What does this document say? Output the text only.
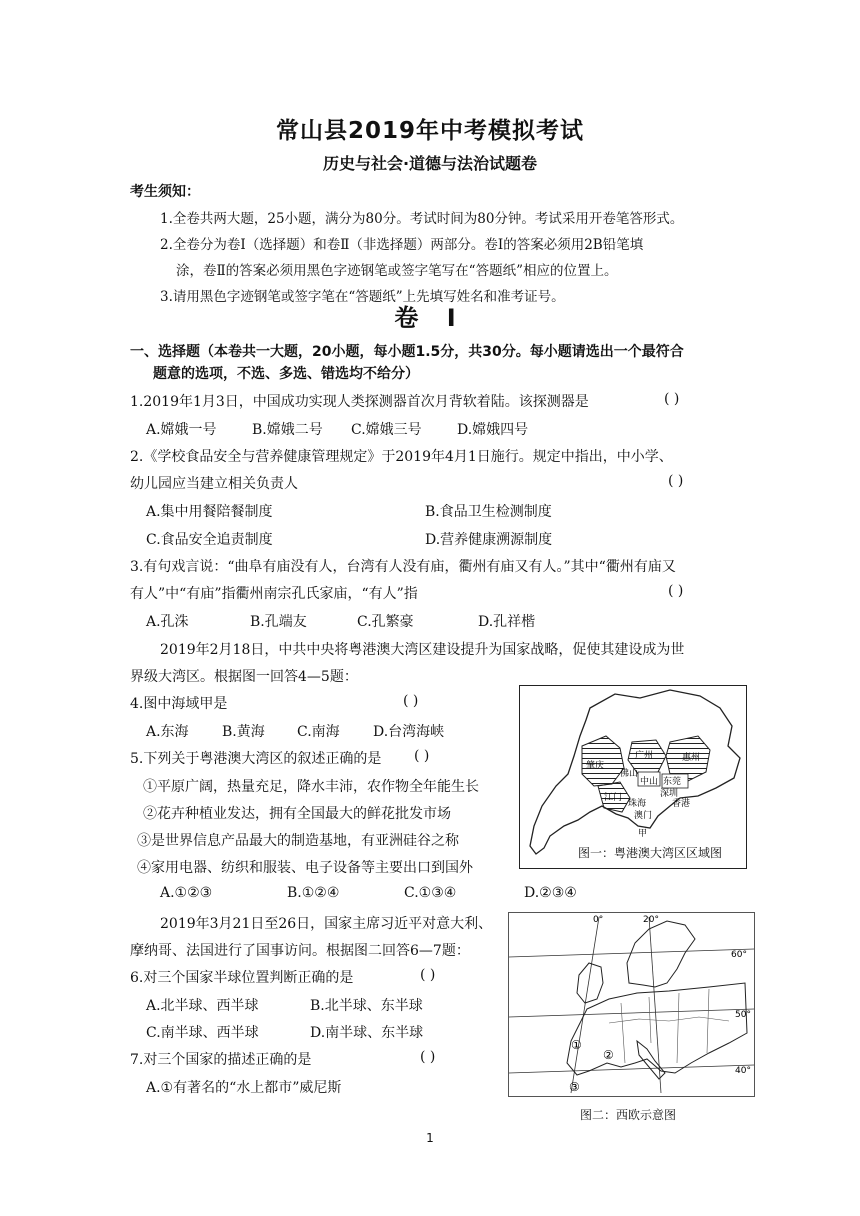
常山县2019年中考模拟考试
历史与社会·道德与法治试题卷
考生须知：
1.全卷共两大题，25小题，满分为80分。考试时间为80分钟。考试采用开卷笔答形式。
2.全卷分为卷Ⅰ（选择题）和卷Ⅱ（非选择题）两部分。卷Ⅰ的答案必须用2B铅笔填
涂，卷Ⅱ的答案必须用黑色字迹钢笔或签字笔写在“答题纸”相应的位置上。
3.请用黑色字迹钢笔或签字笔在“答题纸”上先填写姓名和准考证号。
卷 Ⅰ
一、选择题（本卷共一大题，20小题，每小题1.5分，共30分。每小题请选出一个最符合
题意的选项，不选、多选、错选均不给分）
1.2019年1月3日，中国成功实现人类探测器首次月背软着陆。该探测器是	( )
A.嫦娥一号	B.嫦娥二号 C.嫦娥三号	D.嫦娥四号
2.《学校食品安全与营养健康管理规定》于2019年4月1日施行。规定中指出，中小学、
幼儿园应当建立相关负责人	( )
A.集中用餐陪餐制度	B.食品卫生检测制度
C.食品安全追责制度	D.营养健康溯源制度
3.有句戏言说：“曲阜有庙没有人，台湾有人没有庙，衢州有庙又有人。”其中“衢州有庙又
有人”中“有庙”指衢州南宗孔氏家庙，“有人”指	( )
A.孔洙	B.孔端友	C.孔繁豪	D.孔祥楷
2019年2月18日，中共中央将粤港澳大湾区建设提升为国家战略，促使其建设成为世
界级大湾区。根据图一回答4—5题：
4.图中海域甲是	( )
A.东海 B.黄海 C.南海 D.台湾海峡
5.下列关于粤港澳大湾区的叙述正确的是 ( )
①平原广阔，热量充足，降水丰沛，农作物全年能生长
②花卉种植业发达，拥有全国最大的鲜花批发市场
③是世界信息产品最大的制造基地，有亚洲硅谷之称
④家用电器、纺织和服装、电子设备等主要出口到国外
A.①②③	B.①②④	C.①③④	D.②③④
2019年3月21日至26日，国家主席习近平对意大利、
摩纳哥、法国进行了国事访问。根据图二回答6—7题：
6.对三个国家半球位置判断正确的是	( )
A.北半球、西半球	B.北半球、东半球
C.南半球、西半球	D.南半球、东半球
7.对三个国家的描述正确的是	( )
A.①有著名的“水上都市”威尼斯
肇庆
广州	惠州
佛山
东莞
中山
深圳
江门
珠海	香港
澳门
甲
图一：粤港澳大湾区区域图
0°	20°
60°
50°
40°
①
②
③
图二：西欧示意图
1
